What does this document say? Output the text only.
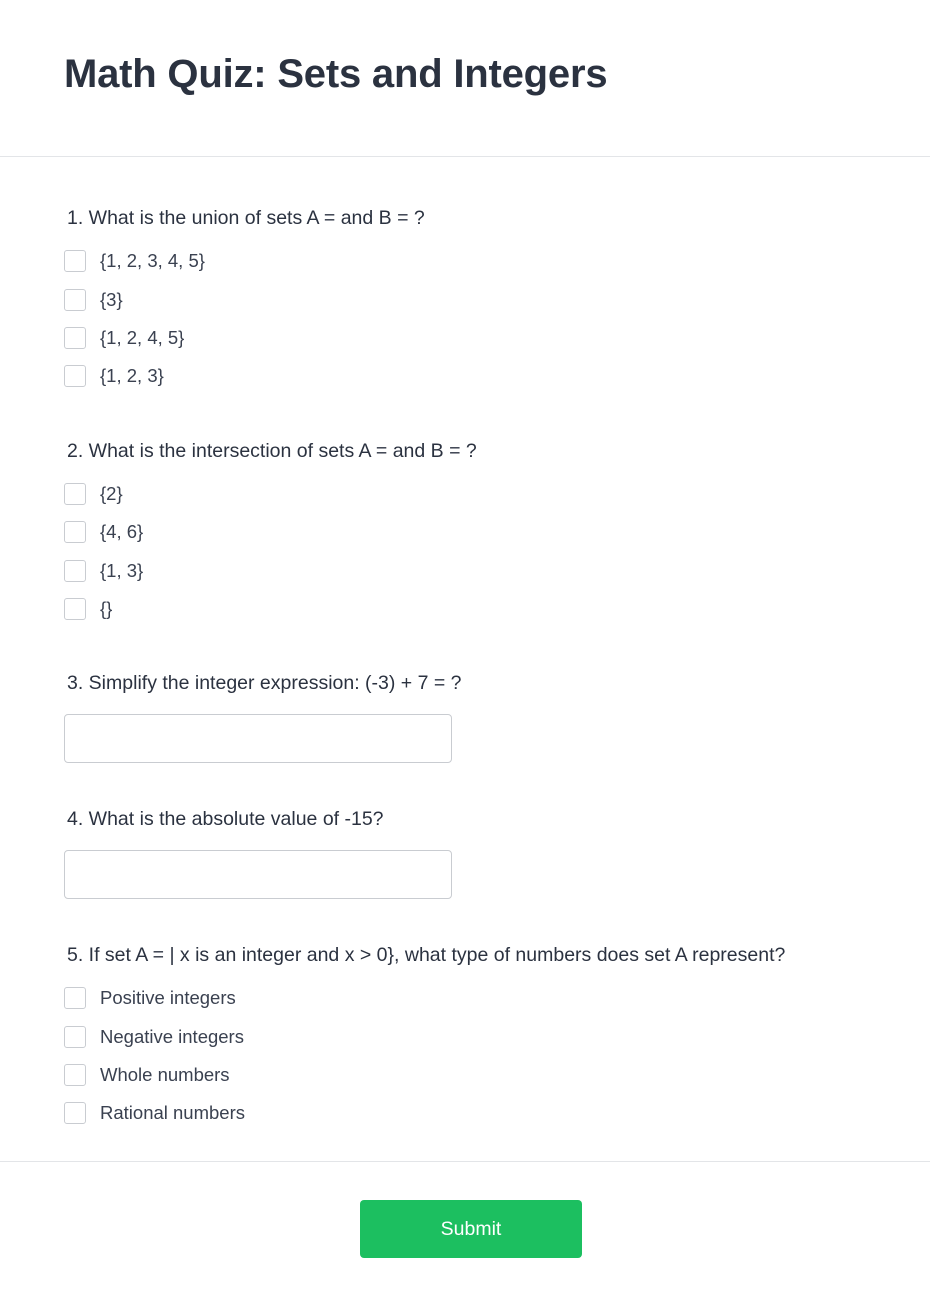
Math Quiz: Sets and Integers
1. What is the union of sets A = and B = ?
{1, 2, 3, 4, 5}
{3}
{1, 2, 4, 5}
{1, 2, 3}
2. What is the intersection of sets A = and B = ?
{2}
{4, 6}
{1, 3}
{}
3. Simplify the integer expression: (-3) + 7 = ?
4. What is the absolute value of -15?
5. If set A = | x is an integer and x > 0}, what type of numbers does set A represent?
Positive integers
Negative integers
Whole numbers
Rational numbers
Submit
